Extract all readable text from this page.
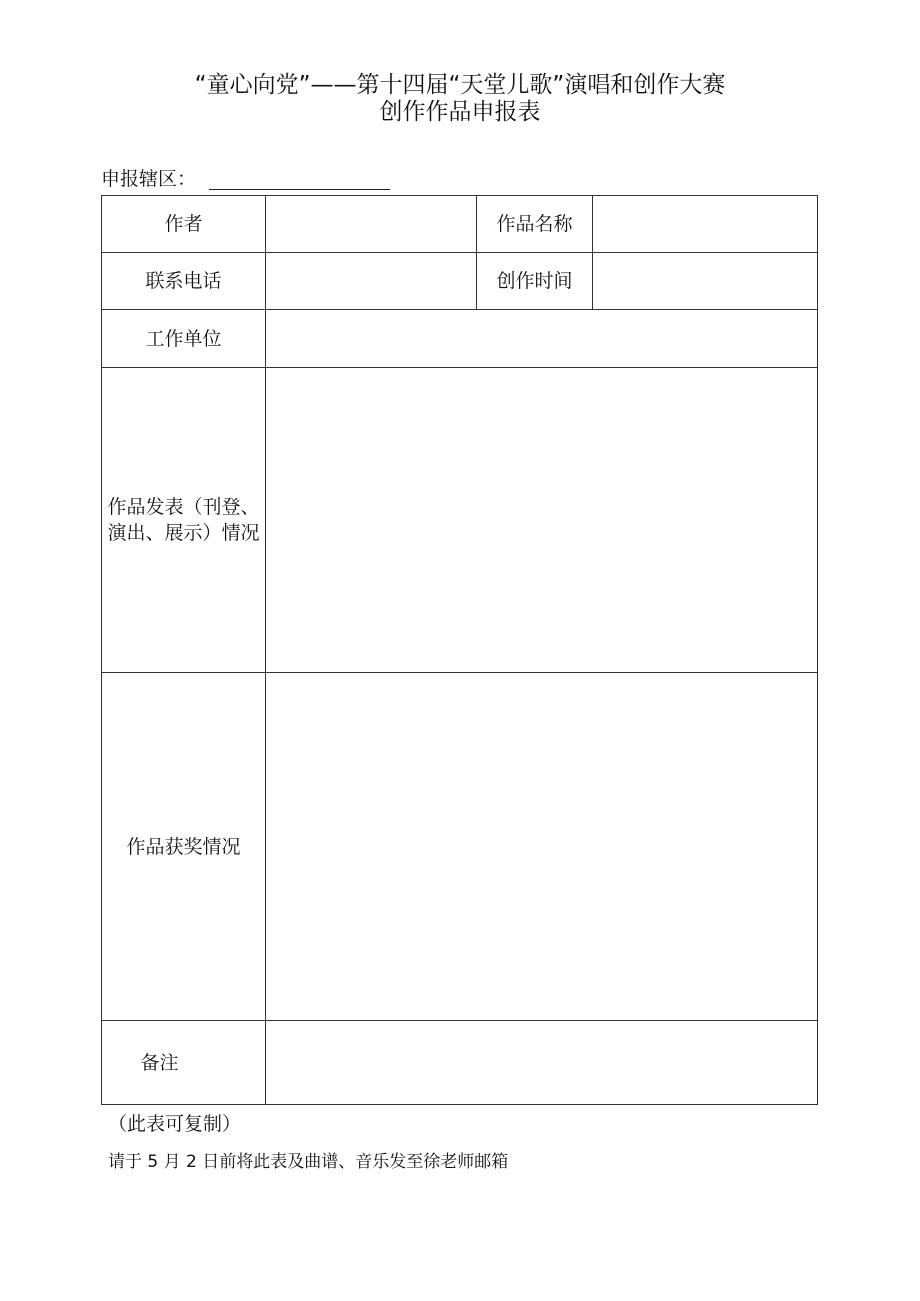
“童心向党”——第十四届“天堂儿歌”演唱和创作大赛
创作作品申报表
申报辖区：
作者		作品名称	
联系电话		创作时间	
工作单位			
作品发表（刊登、
演出、展示）情况			
作品获奖情况			
备注			
（此表可复制）
请于 5 月 2 日前将此表及曲谱、音乐发至徐老师邮箱
